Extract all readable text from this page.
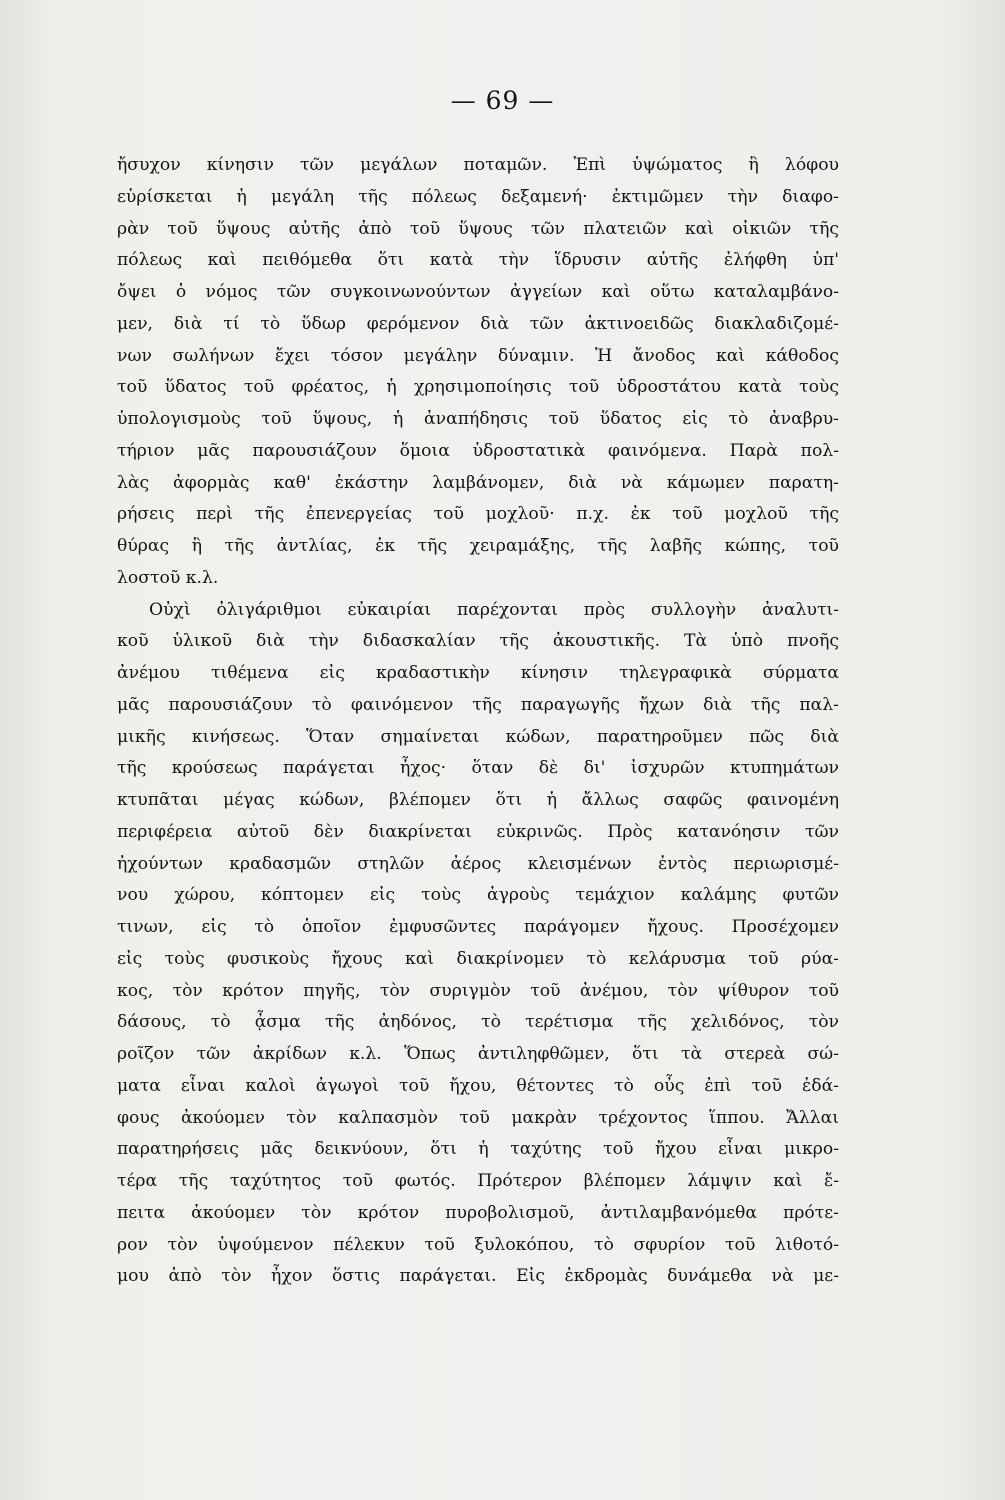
— 69 —
ἤσυχον κίνησιν τῶν μεγάλων ποταμῶν. Ἐπὶ ὑψώματος ἢ λόφου
εὑρίσκεται ἡ μεγάλη τῆς πόλεως δεξαμενή· ἐκτιμῶμεν τὴν διαφο-
ρὰν τοῦ ὕψους αὐτῆς ἀπὸ τοῦ ὕψους τῶν πλατειῶν καὶ οἰκιῶν τῆς
πόλεως καὶ πειθόμεθα ὅτι κατὰ τὴν ἵδρυσιν αὐτῆς ἐλήφθη ὑπ'
ὄψει ὁ νόμος τῶν συγκοινωνούντων ἀγγείων καὶ οὕτω καταλαμβάνο-
μεν, διὰ τί τὸ ὕδωρ φερόμενον διὰ τῶν ἀκτινοειδῶς διακλαδιζομέ-
νων σωλήνων ἔχει τόσον μεγάλην δύναμιν. Ἡ ἄνοδος καὶ κάθοδος
τοῦ ὕδατος τοῦ φρέατος, ἡ χρησιμοποίησις τοῦ ὑδροστάτου κατὰ τοὺς
ὑπολογισμοὺς τοῦ ὕψους, ἡ ἀναπήδησις τοῦ ὕδατος εἰς τὸ ἀναβρυ-
τήριον μᾶς παρουσιάζουν ὅμοια ὑδροστατικὰ φαινόμενα. Παρὰ πολ-
λὰς ἀφορμὰς καθ' ἑκάστην λαμβάνομεν, διὰ νὰ κάμωμεν παρατη-
ρήσεις περὶ τῆς ἐπενεργείας τοῦ μοχλοῦ· π.χ. ἐκ τοῦ μοχλοῦ τῆς
θύρας ἢ τῆς ἀντλίας, ἐκ τῆς χειραμάξης, τῆς λαβῆς κώπης, τοῦ
λοστοῦ κ.λ.
Οὐχὶ ὀλιγάριθμοι εὐκαιρίαι παρέχονται πρὸς συλλογὴν ἀναλυτι-
κοῦ ὑλικοῦ διὰ τὴν διδασκαλίαν τῆς ἀκουστικῆς. Τὰ ὑπὸ πνοῆς
ἀνέμου τιθέμενα εἰς κραδαστικὴν κίνησιν τηλεγραφικὰ σύρματα
μᾶς παρουσιάζουν τὸ φαινόμενον τῆς παραγωγῆς ἤχων διὰ τῆς παλ-
μικῆς κινήσεως. Ὅταν σημαίνεται κώδων, παρατηροῦμεν πῶς διὰ
τῆς κρούσεως παράγεται ἦχος· ὅταν δὲ δι' ἰσχυρῶν κτυπημάτων
κτυπᾶται μέγας κώδων, βλέπομεν ὅτι ἡ ἄλλως σαφῶς φαινομένη
περιφέρεια αὐτοῦ δὲν διακρίνεται εὐκρινῶς. Πρὸς κατανόησιν τῶν
ἠχούντων κραδασμῶν στηλῶν ἀέρος κλεισμένων ἐντὸς περιωρισμέ-
νου χώρου, κόπτομεν εἰς τοὺς ἀγροὺς τεμάχιον καλάμης φυτῶν
τινων, εἰς τὸ ὁποῖον ἐμφυσῶντες παράγομεν ἤχους. Προσέχομεν
εἰς τοὺς φυσικοὺς ἤχους καὶ διακρίνομεν τὸ κελάρυσμα τοῦ ρύα-
κος, τὸν κρότον πηγῆς, τὸν συριγμὸν τοῦ ἀνέμου, τὸν ψίθυρον τοῦ
δάσους, τὸ ᾆσμα τῆς ἀηδόνος, τὸ τερέτισμα τῆς χελιδόνος, τὸν
ροῖζον τῶν ἀκρίδων κ.λ. Ὅπως ἀντιληφθῶμεν, ὅτι τὰ στερεὰ σώ-
ματα εἶναι καλοὶ ἀγωγοὶ τοῦ ἤχου, θέτοντες τὸ οὖς ἐπὶ τοῦ ἐδά-
φους ἀκούομεν τὸν καλπασμὸν τοῦ μακρὰν τρέχοντος ἵππου. Ἄλλαι
παρατηρήσεις μᾶς δεικνύουν, ὅτι ἡ ταχύτης τοῦ ἤχου εἶναι μικρο-
τέρα τῆς ταχύτητος τοῦ φωτός. Πρότερον βλέπομεν λάμψιν καὶ ἔ-
πειτα ἀκούομεν τὸν κρότον πυροβολισμοῦ, ἀντιλαμβανόμεθα πρότε-
ρον τὸν ὑψούμενον πέλεκυν τοῦ ξυλοκόπου, τὸ σφυρίον τοῦ λιθοτό-
μου ἀπὸ τὸν ἦχον ὅστις παράγεται. Εἰς ἐκδρομὰς δυνάμεθα νὰ με-
